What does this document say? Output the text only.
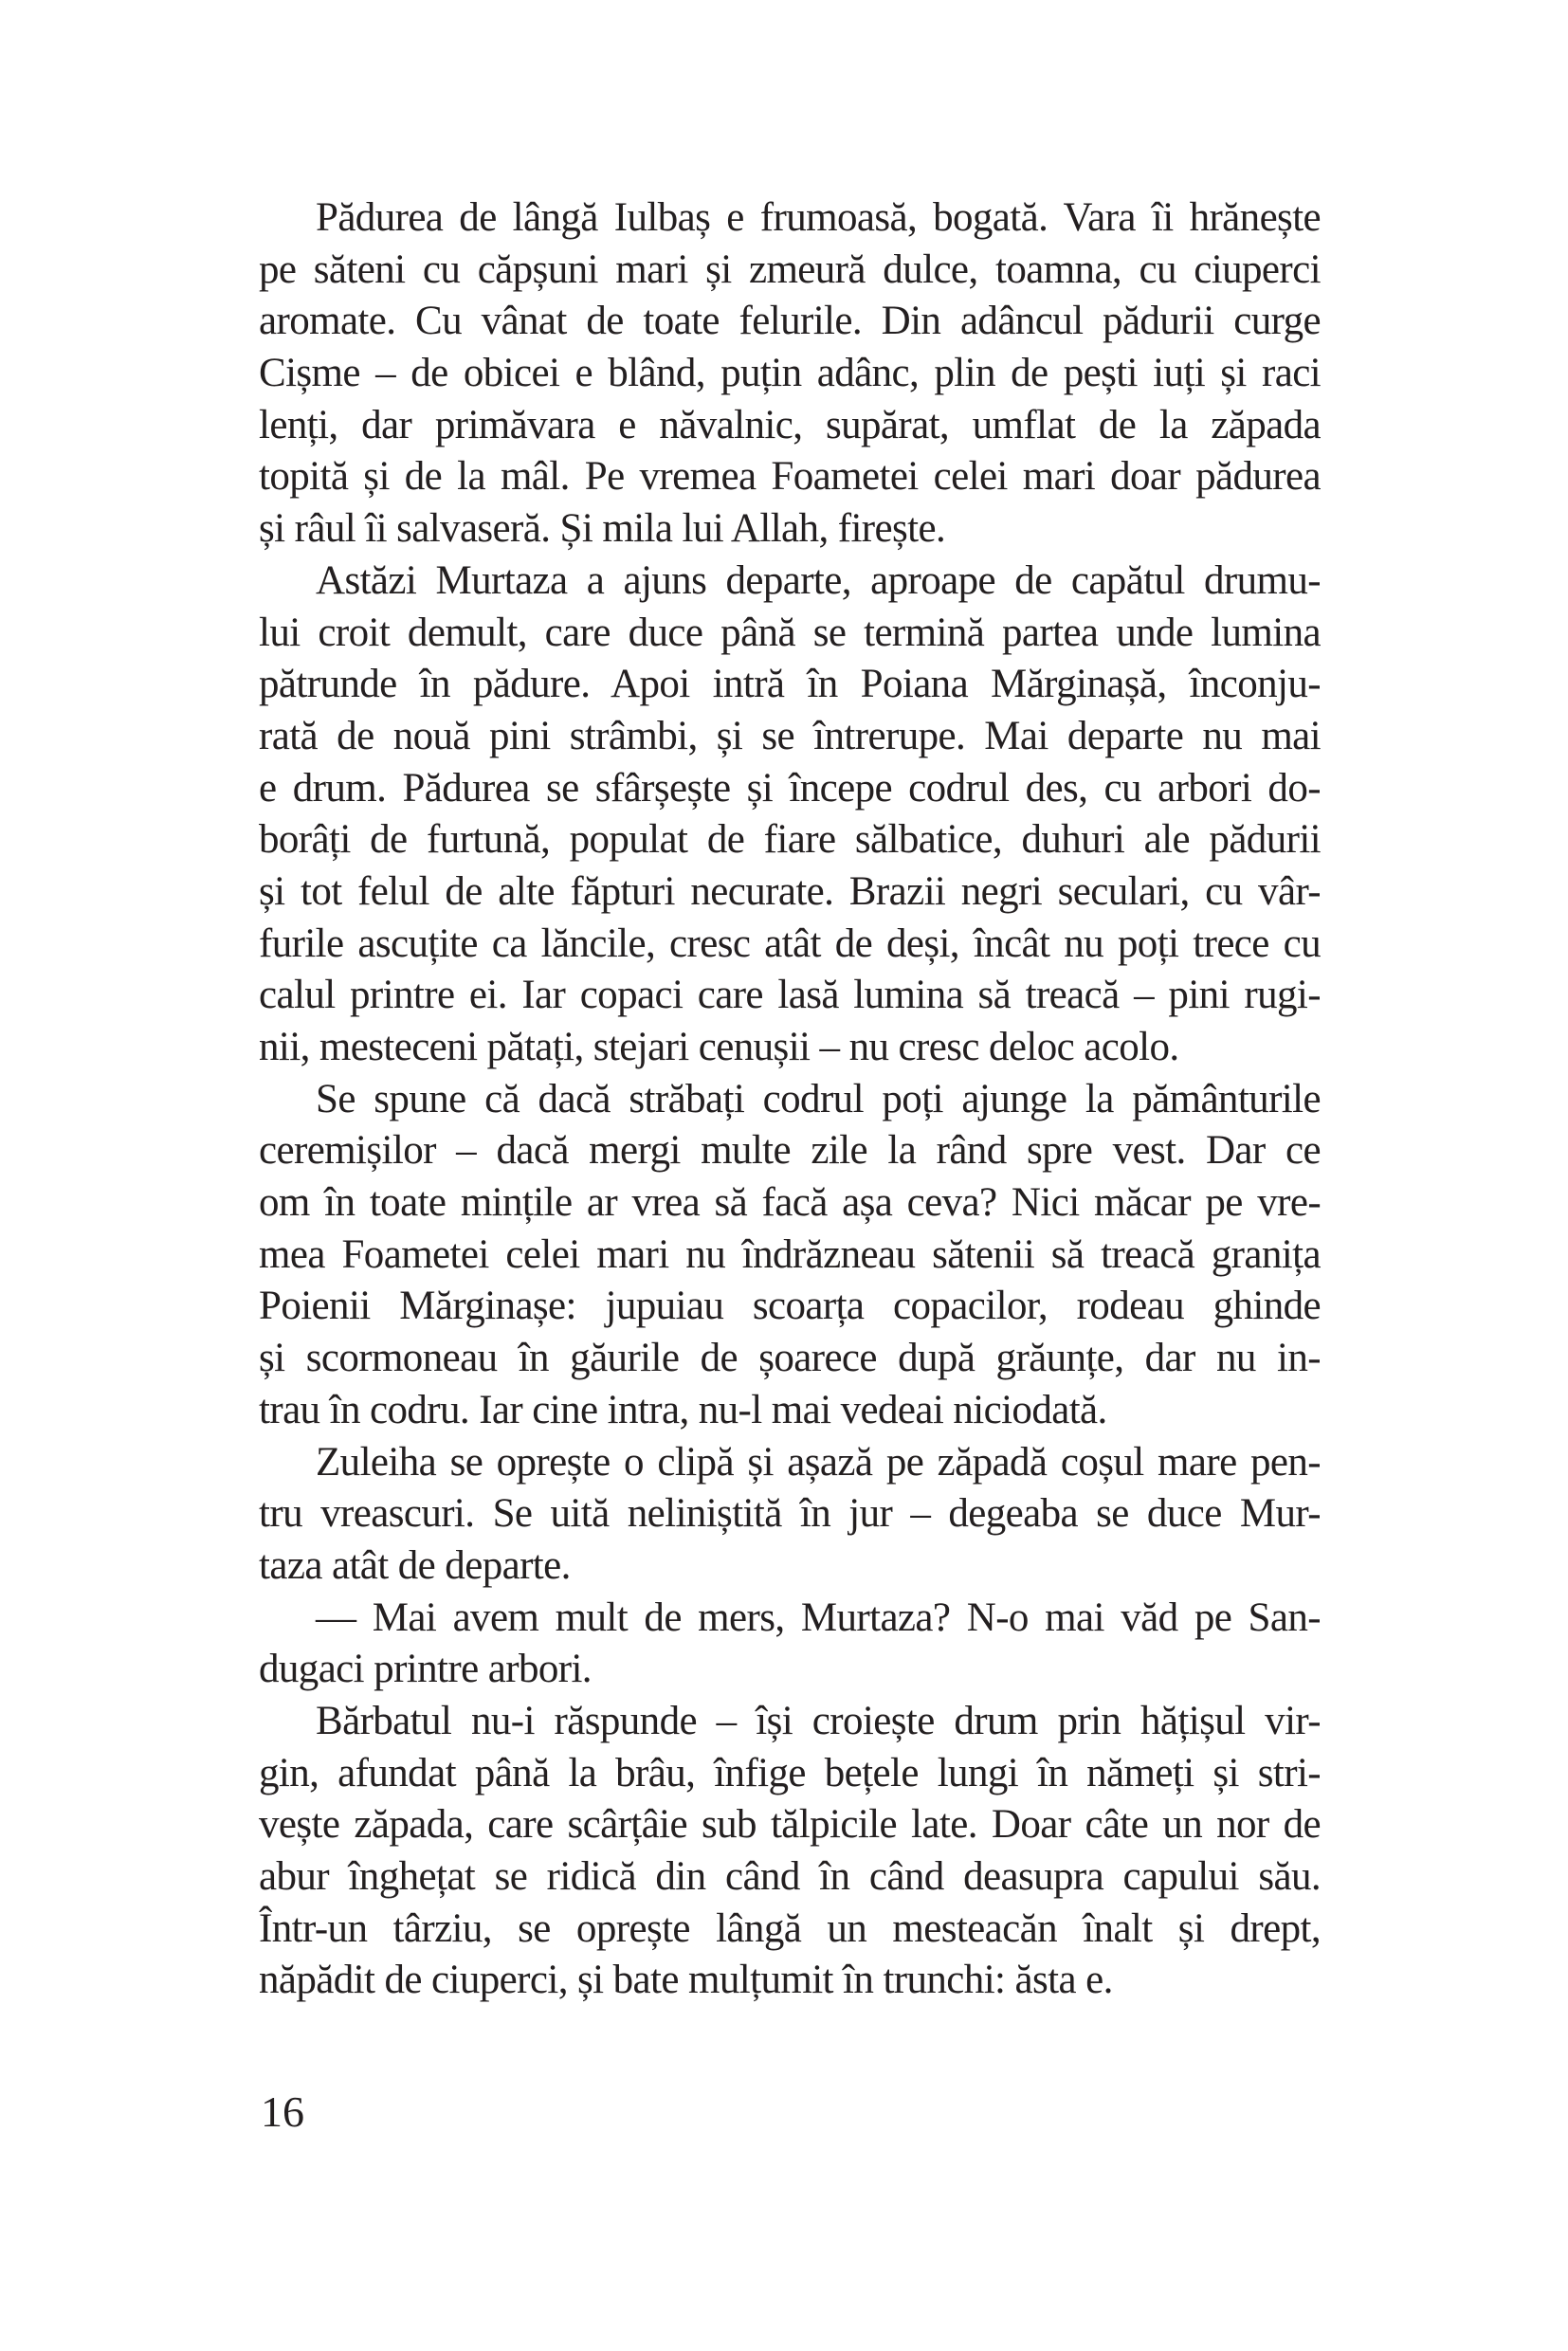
Pădurea de lângă Iulbaș e frumoasă, bogată. Vara îi hrănește
pe săteni cu căpșuni mari și zmeură dulce, toamna, cu ciuperci
aromate. Cu vânat de toate felurile. Din adâncul pădurii curge
Cișme – de obicei e blând, puțin adânc, plin de pești iuți și raci
lenți, dar primăvara e năvalnic, supărat, umflat de la zăpada
topită și de la mâl. Pe vremea Foametei celei mari doar pădurea
și râul îi salvaseră. Și mila lui Allah, firește.
Astăzi Murtaza a ajuns departe, aproape de capătul drumu-
lui croit demult, care duce până se termină partea unde lumina
pătrunde în pădure. Apoi intră în Poiana Mărginașă, înconju-
rată de nouă pini strâmbi, și se întrerupe. Mai departe nu mai
e drum. Pădurea se sfârșește și începe codrul des, cu arbori do-
borâți de furtună, populat de fiare sălbatice, duhuri ale pădurii
și tot felul de alte făpturi necurate. Brazii negri seculari, cu vâr-
furile ascuțite ca lăncile, cresc atât de deși, încât nu poți trece cu
calul printre ei. Iar copaci care lasă lumina să treacă – pini rugi-
nii, mesteceni pătați, stejari cenușii – nu cresc deloc acolo.
Se spune că dacă străbați codrul poți ajunge la pământurile
ceremișilor – dacă mergi multe zile la rând spre vest. Dar ce
om în toate mințile ar vrea să facă așa ceva? Nici măcar pe vre-
mea Foametei celei mari nu îndrăzneau sătenii să treacă granița
Poienii Mărginașe: jupuiau scoarța copacilor, rodeau ghinde
și scormoneau în găurile de șoarece după grăunțe, dar nu in-
trau în codru. Iar cine intra, nu-l mai vedeai niciodată.
Zuleiha se oprește o clipă și așază pe zăpadă coșul mare pen-
tru vreascuri. Se uită neliniștită în jur – degeaba se duce Mur-
taza atât de departe.
— Mai avem mult de mers, Murtaza? N-o mai văd pe San-
dugaci printre arbori.
Bărbatul nu-i răspunde – își croiește drum prin hățișul vir-
gin, afundat până la brâu, înfige bețele lungi în nămeți și stri-
vește zăpada, care scârțâie sub tălpicile late. Doar câte un nor de
abur înghețat se ridică din când în când deasupra capului său.
Într-un târziu, se oprește lângă un mesteacăn înalt și drept,
năpădit de ciuperci, și bate mulțumit în trunchi: ăsta e.
16
